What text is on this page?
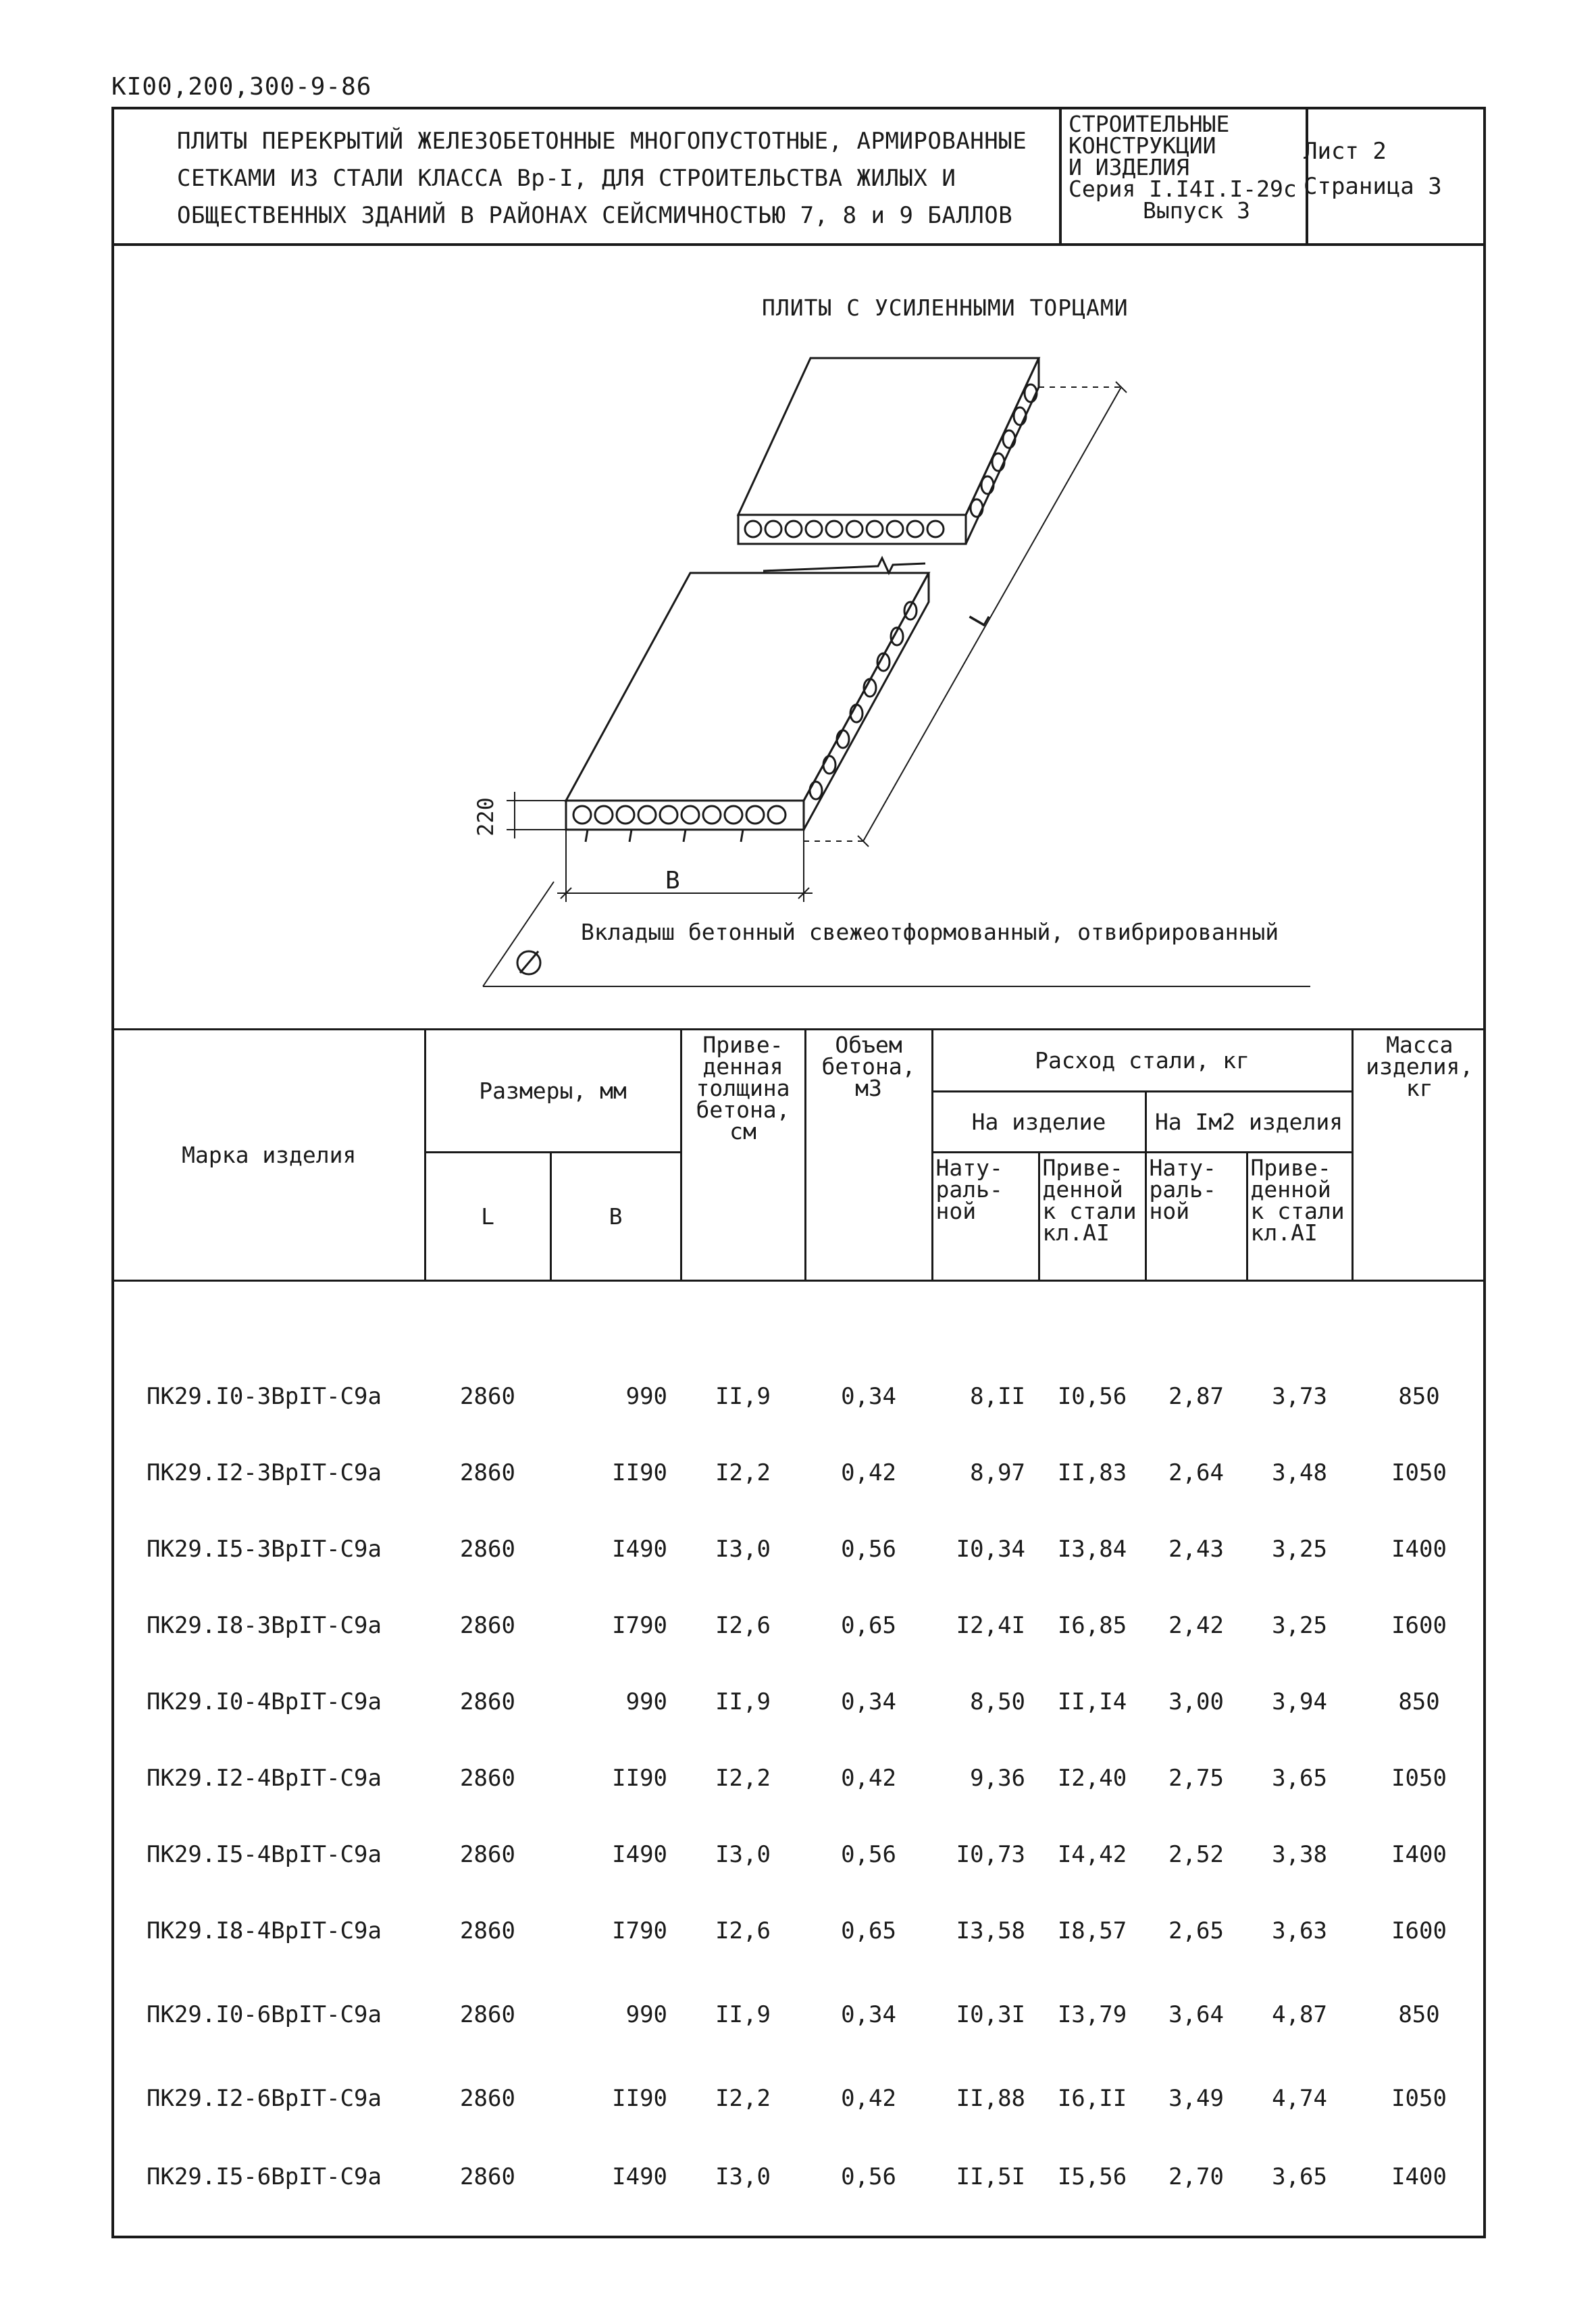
КI00,200,300-9-86
ПЛИТЫ ПЕРЕКРЫТИЙ ЖЕЛЕЗОБЕТОННЫЕ МНОГОПУСТОТНЫЕ, АРМИРОВАННЫЕ
СЕТКАМИ ИЗ СТАЛИ КЛАССА Вр-I, ДЛЯ СТРОИТЕЛЬСТВА ЖИЛЫХ И
ОБЩЕСТВЕННЫХ ЗДАНИЙ В РАЙОНАХ СЕЙСМИЧНОСТЬЮ 7, 8 и 9 БАЛЛОВ
СТРОИТЕЛЬНЫЕ
КОНСТРУКЦИИ
И ИЗДЕЛИЯ
Серия I.I4I.I-29с
Выпуск 3
Лист 2
Страница 3
ПЛИТЫ С УСИЛЕННЫМИ ТОРЦАМИ
L
В
220
Вкладыш бетонный свежеотформованный, отвибрированный
Марка изделия	Размеры, мм		Приве-денная толщина бетона, см	Объем бетона, м3	Расход стали, кг				Масса изделия, кг
					На изделие		На Iм2 изделия		
	L	В			Нату-раль-ной	Приве-денной к стали кл.АI	Нату-раль-ной	Приве-денной к стали кл.АI	

ПК29.I0-3ВрIТ-С9а	2860	990	II,9	0,34	8,II	I0,56	2,87	3,73	850
ПК29.I2-3ВрIТ-С9а	2860	II90	I2,2	0,42	8,97	II,83	2,64	3,48	I050
ПК29.I5-3ВрIТ-С9а	2860	I490	I3,0	0,56	I0,34	I3,84	2,43	3,25	I400
ПК29.I8-3ВрIТ-С9а	2860	I790	I2,6	0,65	I2,4I	I6,85	2,42	3,25	I600
ПК29.I0-4ВрIТ-С9а	2860	990	II,9	0,34	8,50	II,I4	3,00	3,94	850
ПК29.I2-4ВрIТ-С9а	2860	II90	I2,2	0,42	9,36	I2,40	2,75	3,65	I050
ПК29.I5-4ВрIТ-С9а	2860	I490	I3,0	0,56	I0,73	I4,42	2,52	3,38	I400
ПК29.I8-4ВрIТ-С9а	2860	I790	I2,6	0,65	I3,58	I8,57	2,65	3,63	I600
ПК29.I0-6ВрIТ-С9а	2860	990	II,9	0,34	I0,3I	I3,79	3,64	4,87	850
ПК29.I2-6ВрIТ-С9а	2860	II90	I2,2	0,42	II,88	I6,II	3,49	4,74	I050
ПК29.I5-6ВрIТ-С9а	2860	I490	I3,0	0,56	II,5I	I5,56	2,70	3,65	I400
